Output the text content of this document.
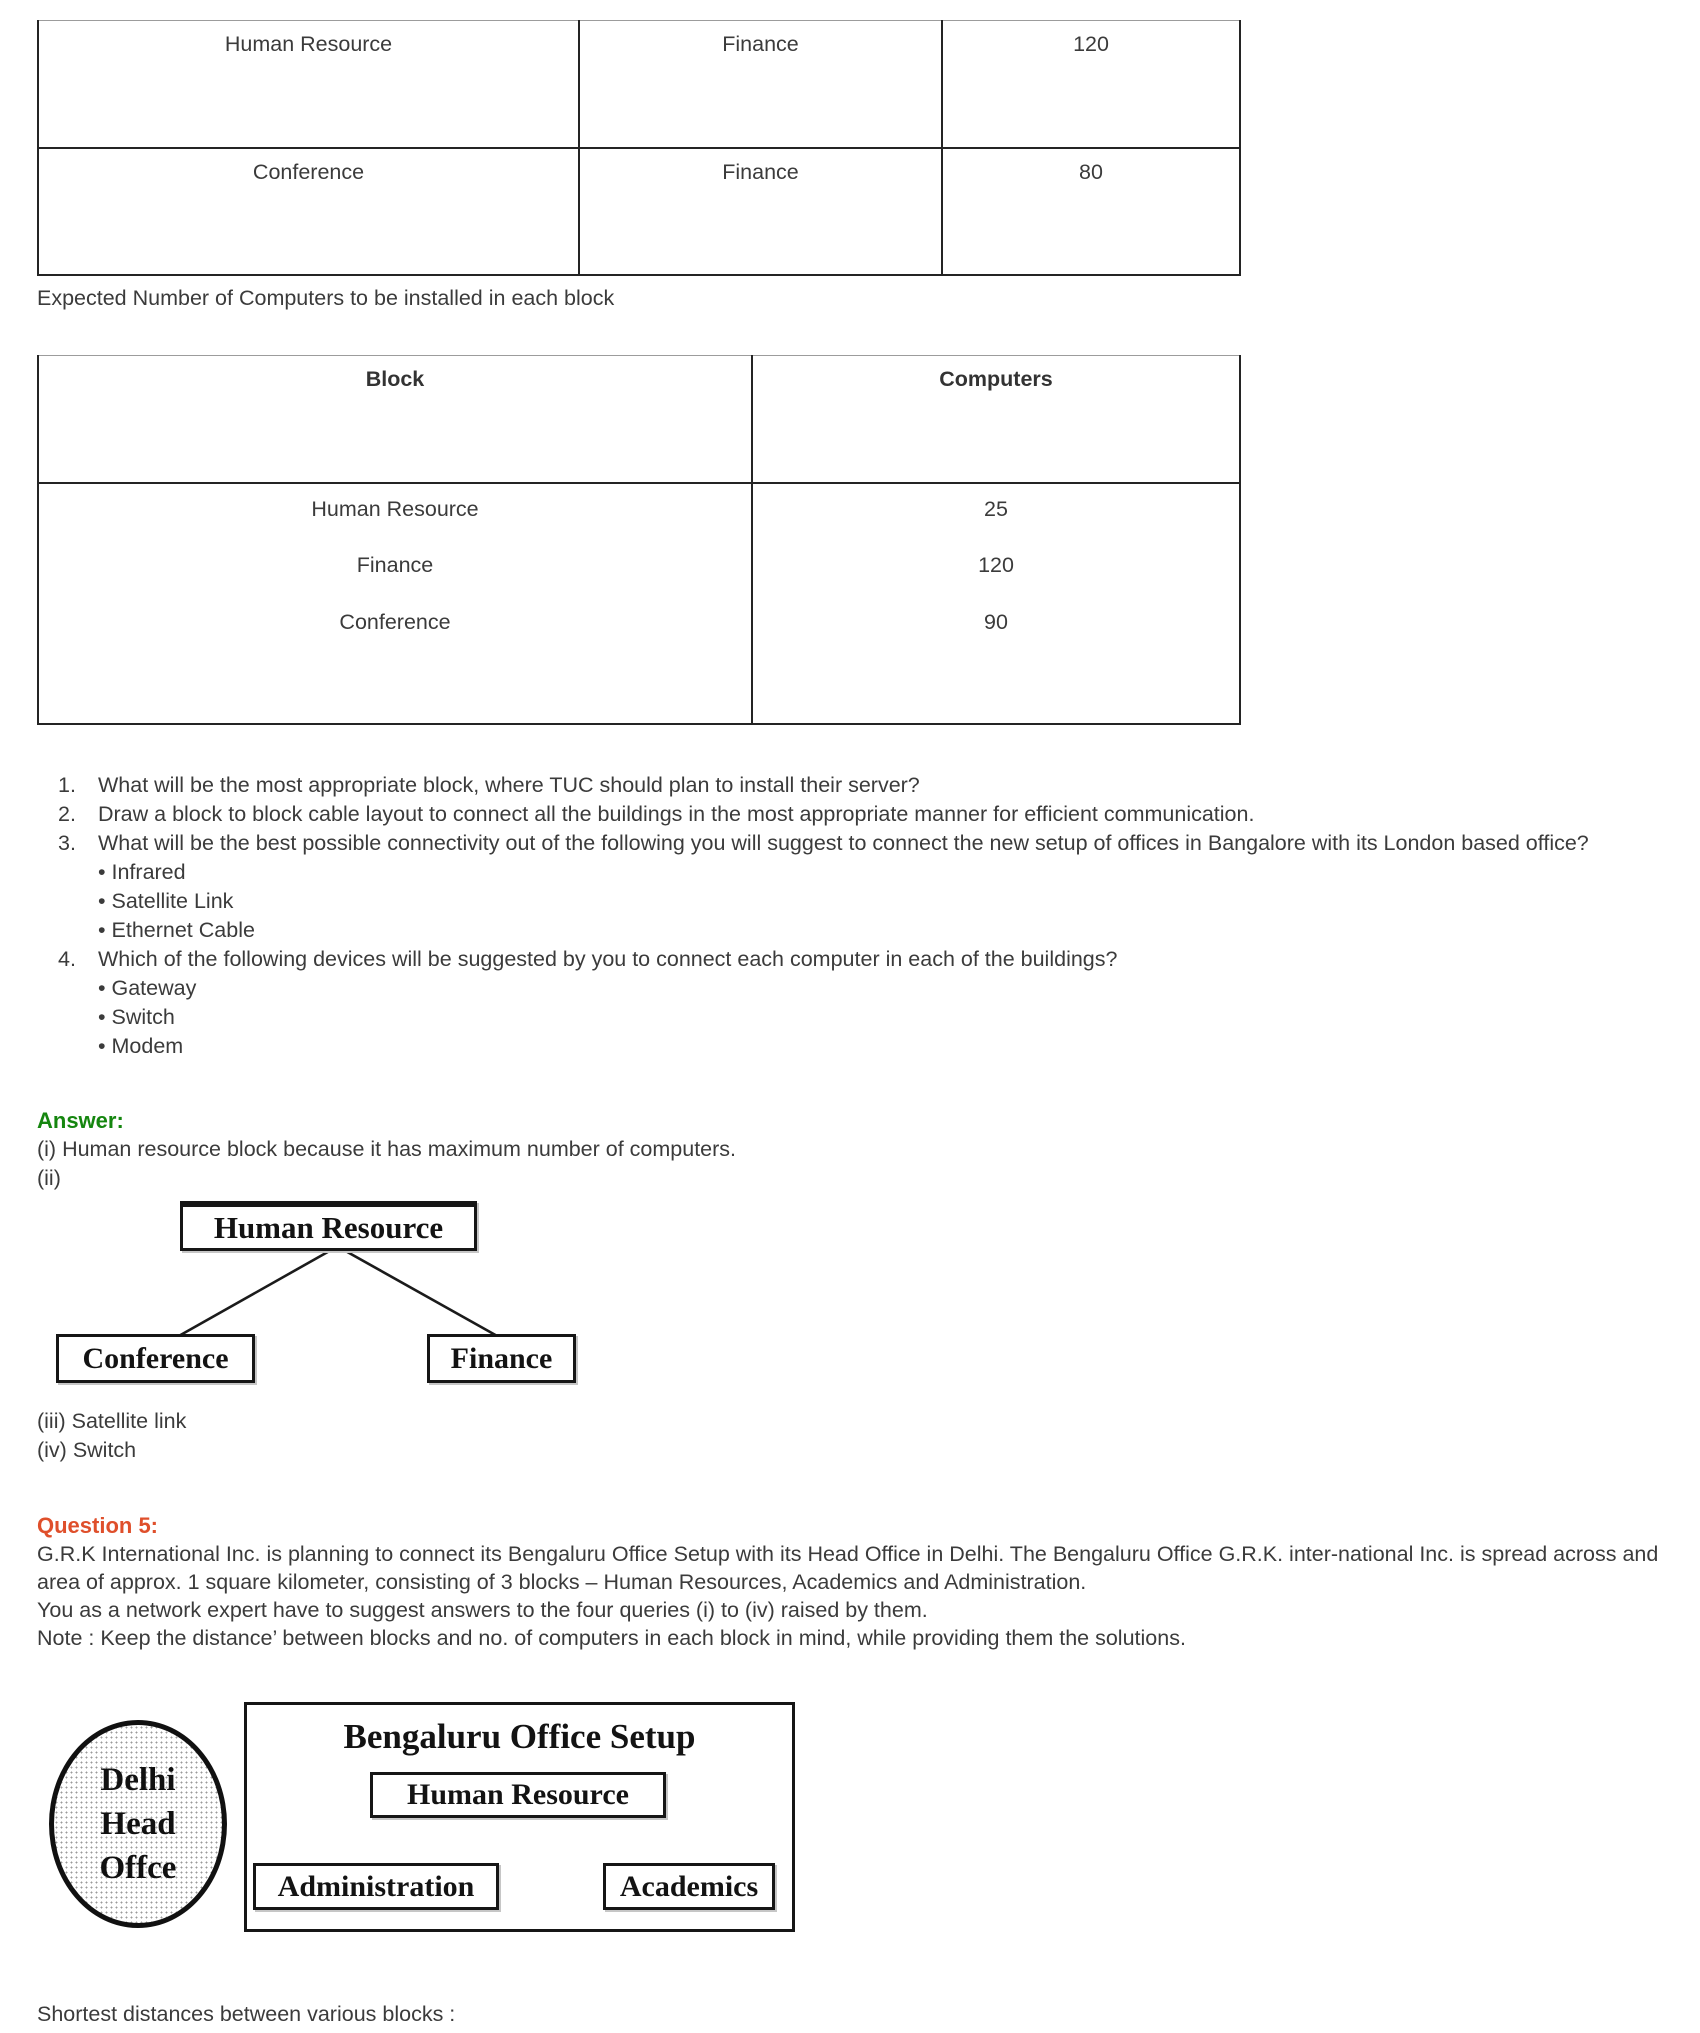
Human Resource	Finance	120
Conference	Finance	80
Expected Number of Computers to be installed in each block
Block	Computers
Human Resource	25
Finance	120
Conference	90

1.	What will be the most appropriate block, where TUC should plan to install their server?
2.	Draw a block to block cable layout to connect all the buildings in the most appropriate manner for efficient communication.
3.	What will be the best possible connectivity out of the following you will suggest to connect the new setup of offices in Bangalore with its London based office?
• Infrared
• Satellite Link
• Ethernet Cable
4.	Which of the following devices will be suggested by you to connect each computer in each of the buildings?
• Gateway
• Switch
• Modem
Answer:
(i) Human resource block because it has maximum number of computers.
(ii)
Human Resource
Conference	Finance
(iii) Satellite link
(iv) Switch
Question 5:
G.R.K International Inc. is planning to connect its Bengaluru Office Setup with its Head Office in Delhi. The Bengaluru Office G.R.K. inter-national Inc. is spread across and area of approx. 1 square kilometer, consisting of 3 blocks – Human Resources, Academics and Administration.
You as a network expert have to suggest answers to the four queries (i) to (iv) raised by them.
Note : Keep the distance’ between blocks and no. of computers in each block in mind, while providing them the solutions.
Delhi
Head
Offce
Bengaluru Office Setup
Human Resource
Administration	Academics
Shortest distances between various blocks :
